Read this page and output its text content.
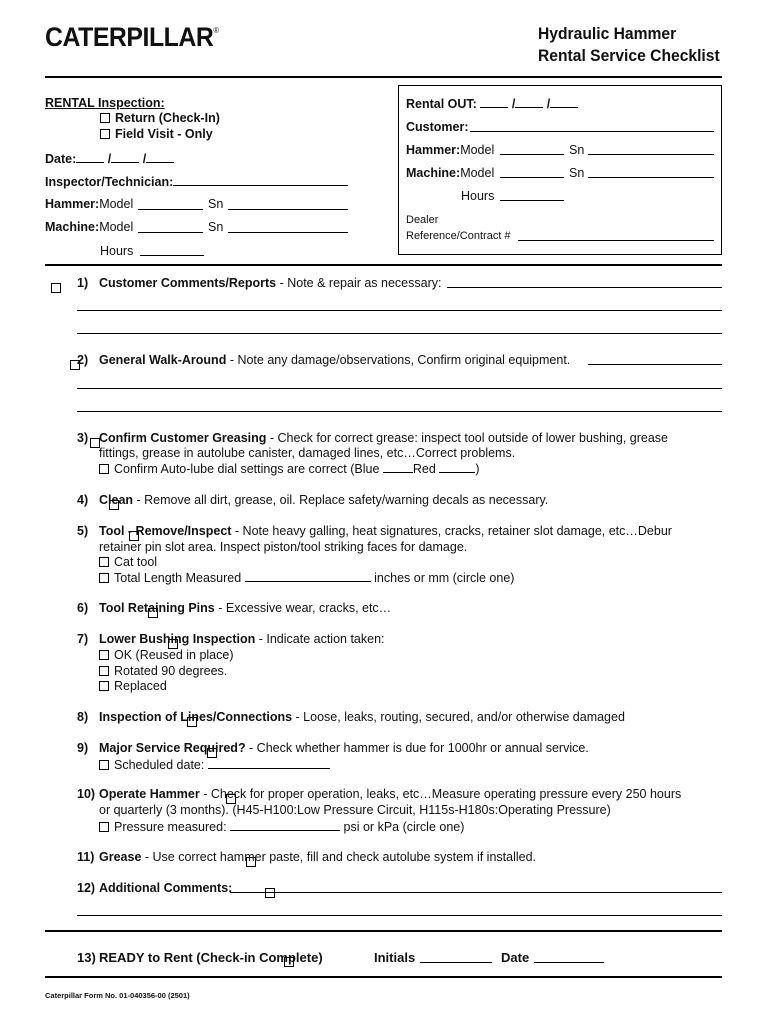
CATERPILLAR®	Hydraulic Hammer
Rental Service Checklist
RENTAL Inspection:
Return (Check-In)
Field Visit - Only
Date:	/	/
Inspector/Technician:
Hammer:Model	Sn
Machine:Model	Sn
Hours
Rental OUT:	/	/
Customer:
Hammer:Model	Sn
Machine:Model	Sn
Hours
Dealer
Reference/Contract #

1) Customer Comments/Reports - Note & repair as necessary:

2) General Walk-Around - Note any damage/observations, Confirm original equipment.

3) Confirm Customer Greasing - Check for correct grease: inspect tool outside of lower bushing, grease
fittings, grease in autolube canister, damaged lines, etc…Correct problems.
Confirm Auto-lube dial settings are correct (Blue	Red	)

4) Clean - Remove all dirt, grease, oil. Replace safety/warning decals as necessary.

5) Tool - Remove/Inspect - Note heavy galling, heat signatures, cracks, retainer slot damage, etc…Debur
retainer pin slot area. Inspect piston/tool striking faces for damage.
Cat tool
Total Length Measured	inches or mm (circle one)

6) Tool Retaining Pins - Excessive wear, cracks, etc…

7) Lower Bushing Inspection - Indicate action taken:
OK (Reused in place)
Rotated 90 degrees.
Replaced

8) Inspection of Lines/Connections - Loose, leaks, routing, secured, and/or otherwise damaged

9) Major Service Required? - Check whether hammer is due for 1000hr or annual service.
Scheduled date:

10) Operate Hammer - Check for proper operation, leaks, etc…Measure operating pressure every 250 hours
or quarterly (3 months). (H45-H100:Low Pressure Circuit, H115s-H180s:Operating Pressure)
Pressure measured:	psi or kPa (circle one)

11) Grease - Use correct hammer paste, fill and check autolube system if installed.

12) Additional Comments:
13) READY to Rent (Check-in Complete)	Initials	Date
Caterpillar Form No. 01-040356-00 (2501)
